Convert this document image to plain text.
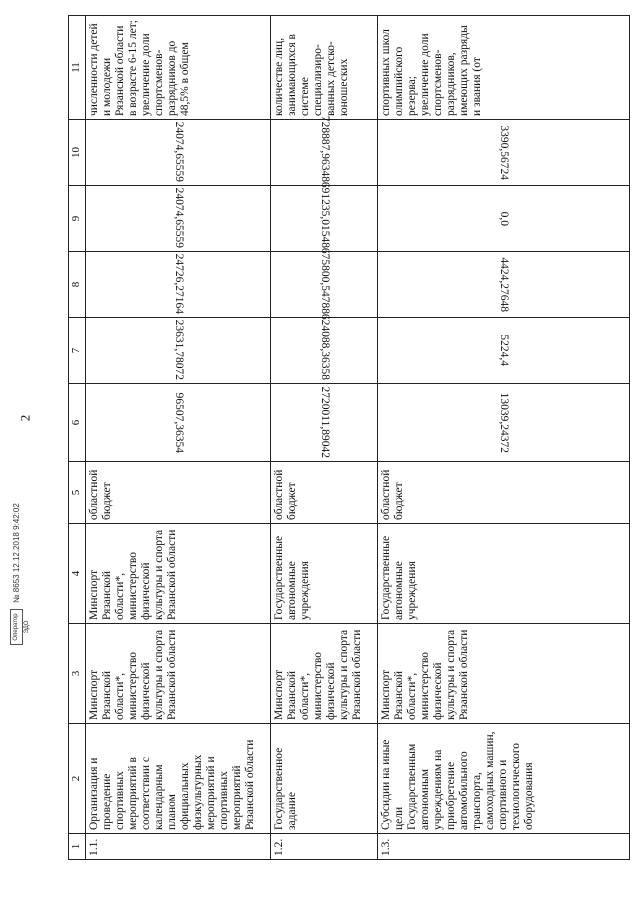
2
1	2	3	4	5	6	7	8	9	10	11
1.1.	Организация и проведение спортивных мероприятий в соответствии с календарным планом официальных физкультурных мероприятий и спортивных мероприятий Рязанской области	Минспорт Рязанской области*, министерство физической культуры и спорта Рязанской области	Минспорт Рязанской области*, министерство физической культуры и спорта Рязанской области	областной бюджет	96507,36354	23631,78072	24726,27164	24074,65559	24074,65559	численности детей и молодежи Рязанской области в возрасте 6-15 лет; увеличение доли спортсменов-разрядников до 48,5% в общем
1.2.	Государственное задание	Минспорт Рязанской области*, министерство физической культуры и спорта Рязанской области	Государственные автономные учреждения	областной бюджет	2720011,89042	624088,36358	675800,54788	691235,01548	728887,96348	количестве лиц, занимающихся в системе специализиро-ванных детско-юношеских
1.3.	Субсидии на иные цели Государственным автономным учреждениям на приобретение автомобильного транспорта, самоходных машин, спортивного и технологического оборудования	Минспорт Рязанской области*, министерство физической культуры и спорта Рязанской области	Государственные автономные учреждения	областной бюджет	13039,24372	5224,4	4424,27648	0,0	3390,56724	спортивных школ олимпийского резерва; увеличение доли спортсменов-разрядников, имеющих разряды и звания (от
Оператор ЭДО
№ 8653 12.12.2018 9:42:02
